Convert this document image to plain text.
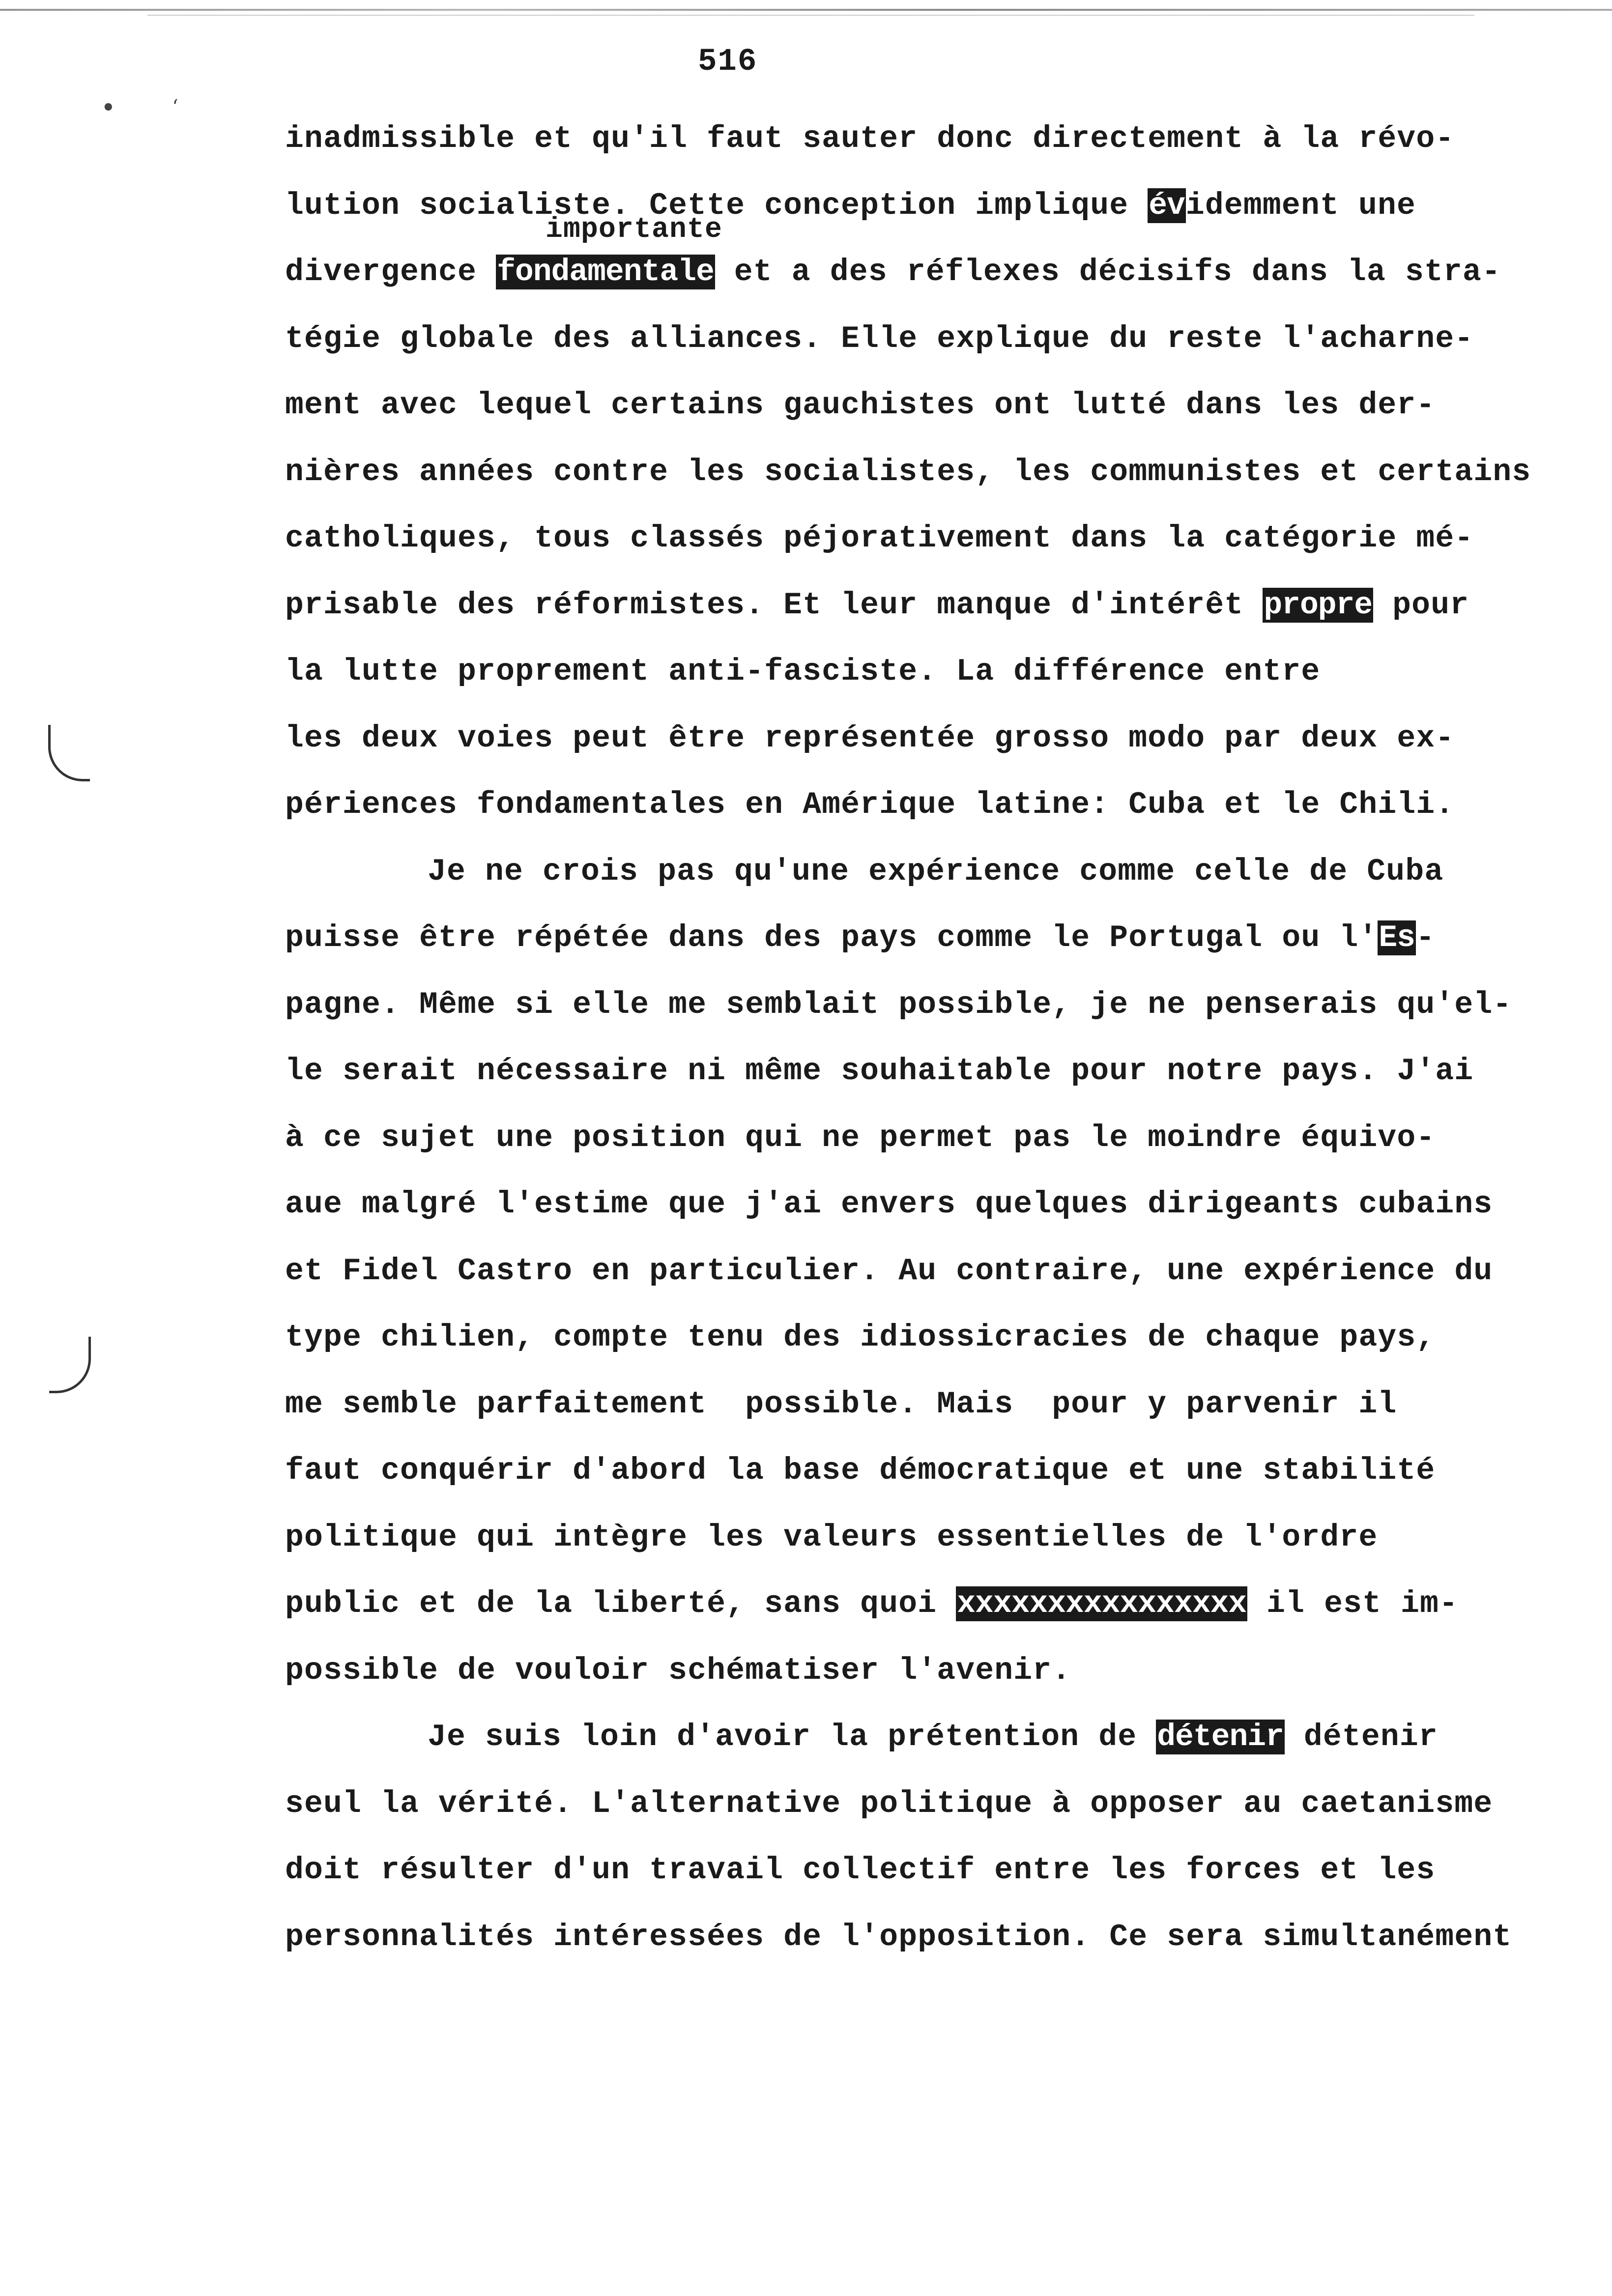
•	‘
516
inadmissible et qu'il faut sauter donc directement à la révo-
lution socialiste. Cette conception implique évidemment une
divergence fondamentale et a des réflexes décisifs dans la stra-
importante
tégie globale des alliances. Elle explique du reste l'acharne-
ment avec lequel certains gauchistes ont lutté dans les der-
nières années contre les socialistes, les communistes et certains
catholiques, tous classés péjorativement dans la catégorie mé-
prisable des réformistes. Et leur manque d'intérêt propre pour
la lutte proprement anti-fasciste. La différence entre
les deux voies peut être représentée grosso modo par deux ex-
périences fondamentales en Amérique latine: Cuba et le Chili.
Je ne crois pas qu'une expérience comme celle de Cuba
puisse être répétée dans des pays comme le Portugal ou l'Es-
pagne. Même si elle me semblait possible, je ne penserais qu'el-
le serait nécessaire ni même souhaitable pour notre pays. J'ai
à ce sujet une position qui ne permet pas le moindre équivo-
aue malgré l'estime que j'ai envers quelques dirigeants cubains
et Fidel Castro en particulier. Au contraire, une expérience du
type chilien, compte tenu des idiossicracies de chaque pays,
me semble parfaitement  possible. Mais  pour y parvenir il
faut conquérir d'abord la base démocratique et une stabilité
politique qui intègre les valeurs essentielles de l'ordre
public et de la liberté, sans quoi xxxxxxxxxxxxxxxx il est im-
possible de vouloir schématiser l'avenir.
Je suis loin d'avoir la prétention de détenir détenir
seul la vérité. L'alternative politique à opposer au caetanisme
doit résulter d'un travail collectif entre les forces et les
personnalités intéressées de l'opposition. Ce sera simultanément
